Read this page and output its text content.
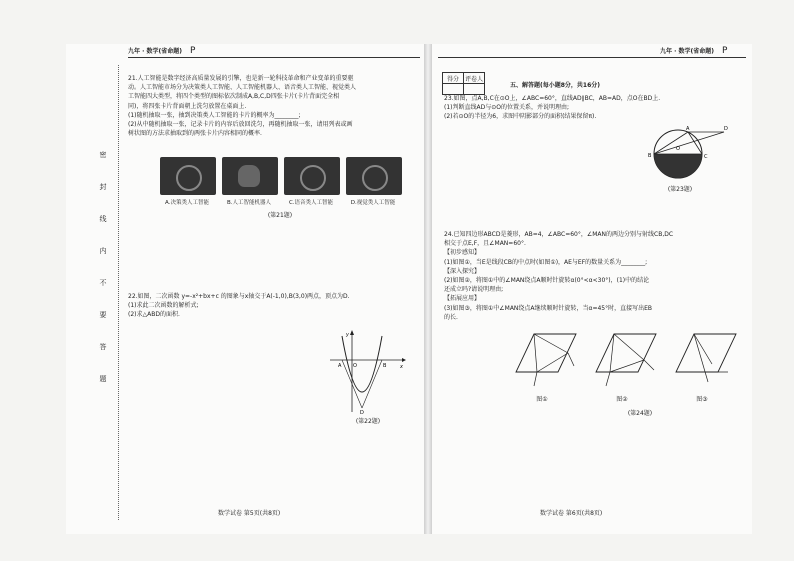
九年 · 数学(省命题) P	九年 · 数学(省命题) P
密
封
线
内
不
要
答
题
21.人工智能是数字经济高质量发展的引擎，也是新一轮科技革命和产业变革的重要驱
动。人工智能市场分为决策类人工智能、人工智能机器人、语音类人工智能、视觉类人
工智能四大类型，将四个类型的图标依次制成A,B,C,D四张卡片(卡片背面完全相
同)，将四张卡片背面朝上洗匀放置在桌面上.
(1)随机抽取一张，抽到决策类人工智能的卡片的概率为________;
(2)从中随机抽取一张，记录卡片的内容后放回洗匀，再随机抽取一张，请用列表或画
树状图的方法求抽取到的两张卡片内容相同的概率.
A.决策类人工智能	B.人工智能机器人	C.语音类人工智能	D.视觉类人工智能
(第21题)
22.如图，二次函数 y=-x²+bx+c 的图象与x轴交于A(-1,0),B(3,0)两点，顶点为D.
(1)求此二次函数的解析式;
(2)求△ABD的面积.
y
x
O
A	B
D
(第22题)
数学试卷 第5页(共8页)
得分	评卷人

五、解答题(每小题8分，共16分)
23.如图，点A,B,C在⊙O上，∠ABC=60°，直线AD∥BC，AB=AD，点O在BD上.
(1)判断直线AD与⊙O的位置关系，并说明理由;
(2)若⊙O的半径为6，求图中阴影部分的面积(结果保留π).
A
B	C
D
O
(第23题)
24.已知四边形ABCD是菱形，AB=4，∠ABC=60°，∠MAN的两边分别与射线CB,DC
相交于点E,F，且∠MAN=60°.
【初步感知】
(1)如图①，当E是线段CB的中点时(如图①)，AE与EF的数量关系为________;
【深入探究】
(2)如图②，将图①中的∠MAN绕点A顺时针旋转α(0°<α<30°)，(1)中的结论
还成立吗?请说明理由;
【拓展应用】
(3)如图③，将图①中∠MAN绕点A继续顺时针旋转，当α=45°时，直接写出EB
的长.
图①	图②	图③
(第24题)
数学试卷 第6页(共8页)
